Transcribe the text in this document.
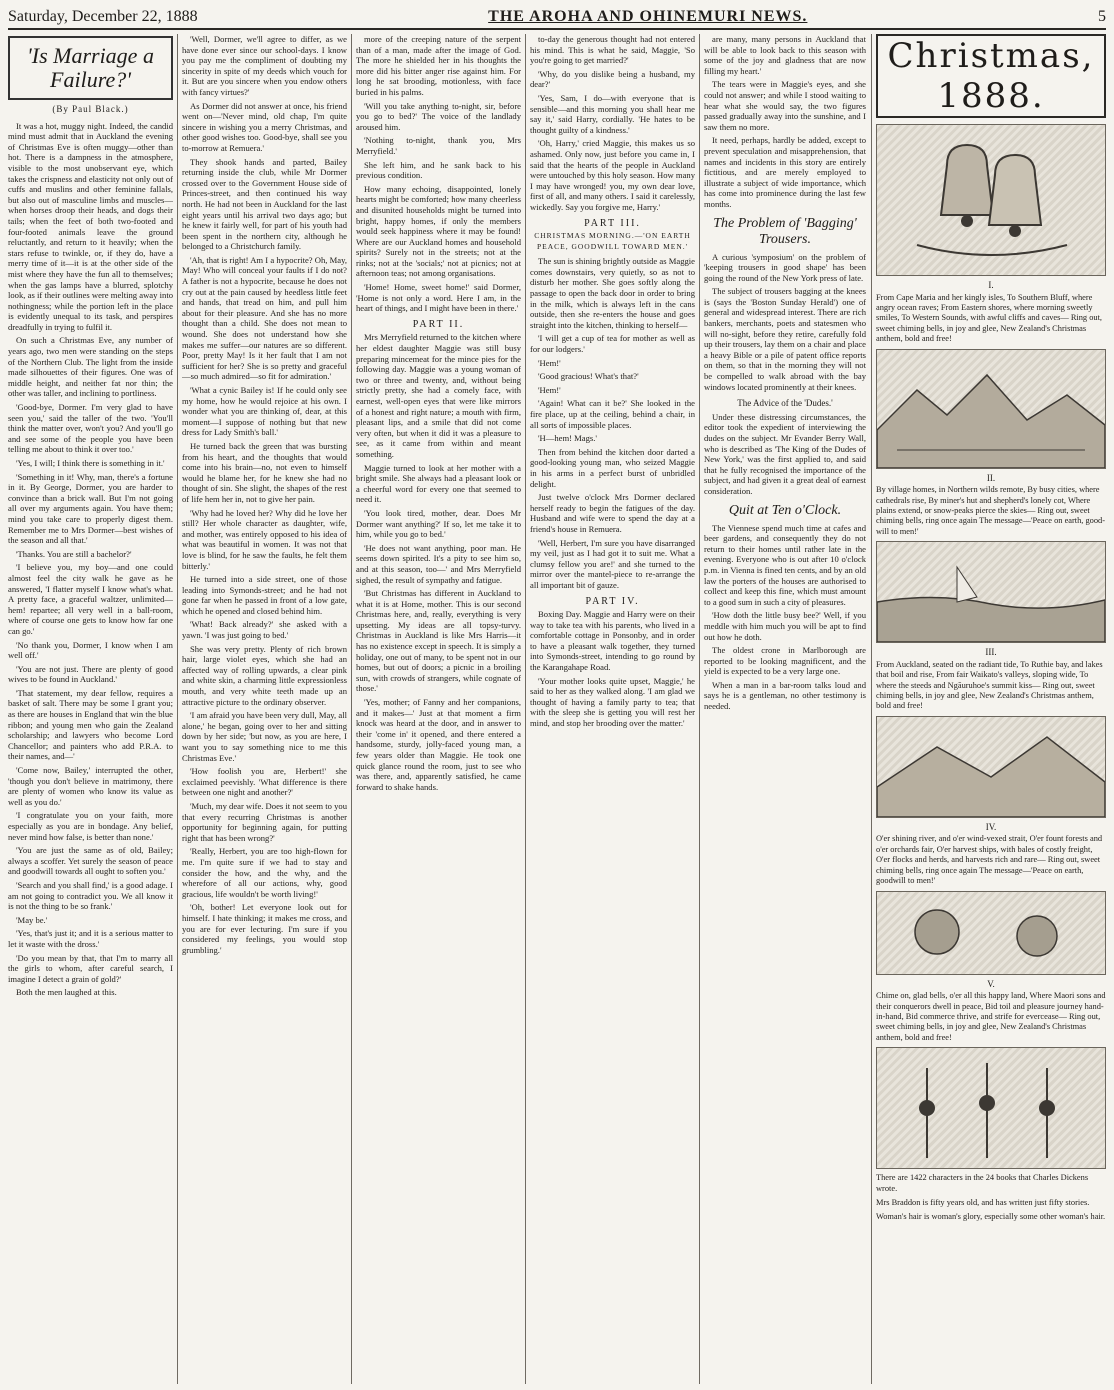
Saturday, December 22, 1888	THE AROHA AND OHINEMURI NEWS.	5
'Is Marriage a Failure?'
(By Paul Black.)

It was a hot, muggy night. Indeed, the candid mind must admit that in Auckland the evening of Christmas Eve is often muggy—other than hot. There is a dampness in the atmosphere, visible to the most unobservant eye, which takes the crispness and elasticity not only out of cuffs and muslins and other feminine fallals, but also out of masculine limbs and muscles—when horses droop their heads, and dogs their tails; when the feet of both two-footed and four-footed animals leave the ground reluctantly, and return to it heavily; when the stars refuse to twinkle, or, if they do, have a merry time of it—it is at the other side of the mist where they have the fun all to themselves; when the gas lamps have a blurred, splotchy look, as if their outlines were melting away into nothingness; while the portion left in the place is evidently unequal to its task, and perspires dreadfully in trying to fulfil it.

On such a Christmas Eve, any number of years ago, two men were standing on the steps of the Northern Club. The light from the inside made silhouettes of their figures. One was of middle height, and neither fat nor thin; the other was taller, and inclining to portliness.

'Good-bye, Dormer. I'm very glad to have seen you,' said the taller of the two. 'You'll think the matter over, won't you? And you'll go and see some of the people you have been telling me about to think it over too.'

'Yes, I will; I think there is something in it.'

'Something in it! Why, man, there's a fortune in it. By George, Dormer, you are harder to convince than a brick wall. But I'm not going all over my arguments again. You have them; mind you take care to properly digest them. Remember me to Mrs Dormer—best wishes of the season and all that.'

'Thanks. You are still a bachelor?'

'I believe you, my boy—and one could almost feel the city walk he gave as he answered, 'I flatter myself I know what's what. A pretty face, a graceful waltzer, unlimited—hem! repartee; all very well in a ball-room, where of course one gets to know how far one can go.'

'No thank you, Dormer, I know when I am well off.'

'You are not just. There are plenty of good wives to be found in Auckland.'

'That statement, my dear fellow, requires a basket of salt. There may be some I grant you; as there are houses in England that win the blue ribbon; and young men who gain the Zealand scholarship; and lawyers who become Lord Chancellor; and painters who add P.R.A. to their names, and—'

'Come now, Bailey,' interrupted the other, 'though you don't believe in matrimony, there are plenty of women who know its value as well as you do.'

'I congratulate you on your faith, more especially as you are in bondage. Any belief, never mind how false, is better than none.'

'You are just the same as of old, Bailey; always a scoffer. Yet surely the season of peace and goodwill towards all ought to soften you.'

'Search and you shall find,' is a good adage. I am not going to contradict you. We all know it is not the thing to be so frank.'

'May be.'

'Yes, that's just it; and it is a serious matter to let it waste with the dross.'

'Do you mean by that, that I'm to marry all the girls to whom, after careful search, I imagine I detect a grain of gold?'

Both the men laughed at this.

'Well, Dormer, we'll agree to differ, as we have done ever since our school-days. I know you pay me the compliment of doubting my sincerity in spite of my deeds which vouch for it. But are you sincere when you endow others with fancy virtues?'

As Dormer did not answer at once, his friend went on—'Never mind, old chap, I'm quite sincere in wishing you a merry Christmas, and other good wishes too. Good-bye, shall see you to-morrow at Remuera.'

They shook hands and parted, Bailey returning inside the club, while Mr Dormer crossed over to the Government House side of Princes-street, and then continued his way north. He had not been in Auckland for the last eight years until his arrival two days ago; but he knew it fairly well, for part of his youth had been spent in the northern city, although he belonged to a Christchurch family.

'Ah, that is right! Am I a hypocrite? Oh, May, May! Who will conceal your faults if I do not? A father is not a hypocrite, because he does not cry out at the pain caused by heedless little feet and hands, that tread on him, and pull him about for their pleasure. And she has no more thought than a child. She does not mean to wound. She does not understand how she makes me suffer—our natures are so different. Poor, pretty May! Is it her fault that I am not sufficient for her? She is so pretty and graceful—so much admired—so fit for admiration.'

'What a cynic Bailey is! If he could only see my home, how he would rejoice at his own. I wonder what you are thinking of, dear, at this moment—I suppose of nothing but that new dress for Lady Smith's ball.'

He turned back the green that was bursting from his heart, and the thoughts that would come into his brain—no, not even to himself would he blame her, for he knew she had no thought of sin. She slight, the shapes of the rest of life hem her in, not to give her pain.

'Why had he loved her? Why did he love her still? Her whole character as daughter, wife, and mother, was entirely opposed to his idea of what was beautiful in women. It was not that love is blind, for he saw the faults, he felt them bitterly.'

He turned into a side street, one of those leading into Symonds-street; and he had not gone far when he passed in front of a low gate, which he opened and closed behind him.

'What! Back already?' she asked with a yawn. 'I was just going to bed.'

She was very pretty. Plenty of rich brown hair, large violet eyes, which she had an affected way of rolling upwards, a clear pink and white skin, a charming little expressionless mouth, and very white teeth made up an attractive picture to the ordinary observer.

'I am afraid you have been very dull, May, all alone,' he began, going over to her and sitting down by her side; 'but now, as you are here, I want you to say something nice to me this Christmas Eve.'

'How foolish you are, Herbert!' she exclaimed peevishly. 'What difference is there between one night and another?'

'Much, my dear wife. Does it not seem to you that every recurring Christmas is another opportunity for beginning again, for putting right that has been wrong?'

'Really, Herbert, you are too high-flown for me. I'm quite sure if we had to stay and consider the how, and the why, and the wherefore of all our actions, why, good gracious, life wouldn't be worth living!'

'Oh, bother! Let everyone look out for himself. I hate thinking; it makes me cross, and you are for ever lecturing. I'm sure if you considered my feelings, you would stop grumbling.'

more of the creeping nature of the serpent than of a man, made after the image of God. The more he shielded her in his thoughts the more did his bitter anger rise against him. For long he sat brooding, motionless, with face buried in his palms.

'Will you take anything to-night, sir, before you go to bed?' The voice of the landlady aroused him.

'Nothing to-night, thank you, Mrs Merryfield.'

She left him, and he sank back to his previous condition.

How many echoing, disappointed, lonely hearts might be comforted; how many cheerless and disunited households might be turned into bright, happy homes, if only the members would seek happiness where it may be found! Where are our Auckland homes and household spirits? Surely not in the streets; not at the rinks; not at the 'socials;' not at picnics; not at afternoon teas; not among organisations.

'Home! Home, sweet home!' said Dormer, 'Home is not only a word. Here I am, in the heart of things, and I might have been in there.'

PART II.

Mrs Merryfield returned to the kitchen where her eldest daughter Maggie was still busy preparing mincemeat for the mince pies for the following day. Maggie was a young woman of two or three and twenty, and, without being strictly pretty, she had a comely face, with earnest, well-open eyes that were like mirrors of a honest and right nature; a mouth with firm, pleasant lips, and a smile that did not come very often, but when it did it was a pleasure to see, as it came from within and meant something.

Maggie turned to look at her mother with a bright smile. She always had a pleasant look or a cheerful word for every one that seemed to need it.

'You look tired, mother, dear. Does Mr Dormer want anything?' If so, let me take it to him, while you go to bed.'

'He does not want anything, poor man. He seems down spirited. It's a pity to see him so, and at this season, too—' and Mrs Merryfield sighed, the result of sympathy and fatigue.

'But Christmas has different in Auckland to what it is at Home, mother. This is our second Christmas here, and, really, everything is very upsetting. My ideas are all topsy-turvy. Christmas in Auckland is like Mrs Harris—it has no existence except in speech. It is simply a holiday, one out of many, to be spent not in our homes, but out of doors; a picnic in a broiling sun, with crowds of strangers, while cognate of those.'

'Yes, mother; of Fanny and her companions, and it makes—' Just at that moment a firm knock was heard at the door, and in answer to their 'come in' it opened, and there entered a handsome, sturdy, jolly-faced young man, a few years older than Maggie. He took one quick glance round the room, just to see who was there, and, apparently satisfied, he came forward to shake hands.

to-day the generous thought had not entered his mind. This is what he said, Maggie, 'So you're going to get married?'

'Why, do you dislike being a husband, my dear?'

'Yes, Sam, I do—with everyone that is sensible—and this morning you shall hear me say it,' said Harry, cordially. 'He hates to be thought guilty of a kindness.'

'Oh, Harry,' cried Maggie, this makes us so ashamed. Only now, just before you came in, I said that the hearts of the people in Auckland were untouched by this holy season. How many I may have wronged! you, my own dear love, first of all, and many others. I said it carelessly, wickedly. Say you forgive me, Harry.'

PART III.
CHRISTMAS MORNING.—'ON EARTH PEACE, GOODWILL TOWARD MEN.'

The sun is shining brightly outside as Maggie comes downstairs, very quietly, so as not to disturb her mother. She goes softly along the passage to open the back door in order to bring in the milk, which is always left in the cans outside, then she re-enters the house and goes straight into the kitchen, thinking to herself—

'I will get a cup of tea for mother as well as for our lodgers.'

'Hem!'

'Good gracious! What's that?'

'Hem!'

'Again! What can it be?' She looked in the fire place, up at the ceiling, behind a chair, in all sorts of impossible places.

'H—hem! Mags.'

Then from behind the kitchen door darted a good-looking young man, who seized Maggie in his arms in a perfect burst of unbridled delight.

Just twelve o'clock Mrs Dormer declared herself ready to begin the fatigues of the day. Husband and wife were to spend the day at a friend's house in Remuera.

'Well, Herbert, I'm sure you have disarranged my veil, just as I had got it to suit me. What a clumsy fellow you are!' and she turned to the mirror over the mantel-piece to re-arrange the all important bit of gauze.

PART IV.

Boxing Day. Maggie and Harry were on their way to take tea with his parents, who lived in a comfortable cottage in Ponsonby, and in order to have a pleasant walk together, they turned into Symonds-street, intending to go round by the Karangahape Road.

'Your mother looks quite upset, Maggie,' he said to her as they walked along. 'I am glad we thought of having a family party to tea; that with the sleep she is getting you will rest her mind, and stop her brooding over the matter.'

are many, many persons in Auckland that will be able to look back to this season with some of the joy and gladness that are now filling my heart.'

The tears were in Maggie's eyes, and she could not answer; and while I stood waiting to hear what she would say, the two figures passed gradually away into the sunshine, and I saw them no more.

It need, perhaps, hardly be added, except to prevent speculation and misapprehension, that names and incidents in this story are entirely fictitious, and are merely employed to illustrate a subject of wide importance, which has come into prominence during the last few months.

The Problem of 'Bagging' Trousers.

A curious 'symposium' on the problem of 'keeping trousers in good shape' has been going the round of the New York press of late.

The subject of trousers bagging at the knees is (says the 'Boston Sunday Herald') one of general and widespread interest. There are rich bankers, merchants, poets and statesmen who will no-sight, before they retire, carefully fold up their trousers, lay them on a chair and place a heavy Bible or a pile of patent office reports on them, so that in the morning they will not be compelled to walk abroad with the bay windows located prominently at their knees.

The Advice of the 'Dudes.'

Under these distressing circumstances, the editor took the expedient of interviewing the dudes on the subject. Mr Evander Berry Wall, who is described as 'The King of the Dudes of New York,' was the first applied to, and said that he fully recognised the importance of the subject, and had given it a great deal of earnest consideration.

Quit at Ten o'Clock.

The Viennese spend much time at cafes and beer gardens, and consequently they do not return to their homes until rather late in the evening. Everyone who is out after 10 o'clock p.m. in Vienna is fined ten cents, and by an old law the porters of the houses are authorised to collect and keep this fine, which must amount to a good sum in such a city of pleasures.

'How doth the little busy bee?' Well, if you meddle with him much you will be apt to find out how he doth.

The oldest crone in Marlborough are reported to be looking magnificent, and the yield is expected to be a very large one.

When a man in a bar-room talks loud and says he is a gentleman, no other testimony is needed.

Christmas, 1888.
I.
From Cape Maria and her kingly isles, To Southern Bluff, where angry ocean raves; From Eastern shores, where morning sweetly smiles, To Western Sounds, with awful cliffs and caves— Ring out, sweet chiming bells, in joy and glee, New Zealand's Christmas anthem, bold and free!
II.
By village homes, in Northern wilds remote, By busy cities, where cathedrals rise, By miner's hut and shepherd's lonely cot, Where plains extend, or snow-peaks pierce the skies— Ring out, sweet chiming bells, ring once again The message—'Peace on earth, good-will to men!'
III.
From Auckland, seated on the radiant tide, To Ruthie bay, and lakes that boil and rise, From fair Waikato's valleys, sloping wide, To where the steeds and Ngāuruhoe's summit kiss— Ring out, sweet chiming bells, in joy and glee, New Zealand's Christmas anthem, bold and free!
IV.
O'er shining river, and o'er wind-vexed strait, O'er fount forests and o'er orchards fair, O'er harvest ships, with bales of costly freight, O'er flocks and herds, and harvests rich and rare— Ring out, sweet chiming bells, ring once again The message—'Peace on earth, goodwill to men!'
V.
Chime on, glad bells, o'er all this happy land, Where Maori sons and their conquerors dwell in peace, Bid toil and pleasure journey hand-in-hand, Bid commerce thrive, and strife for evercease— Ring out, sweet chiming bells, in joy and glee, New Zealand's Christmas anthem, bold and free!
There are 1422 characters in the 24 books that Charles Dickens wrote.
Mrs Braddon is fifty years old, and has written just fifty stories.
Woman's hair is woman's glory, especially some other woman's hair.
